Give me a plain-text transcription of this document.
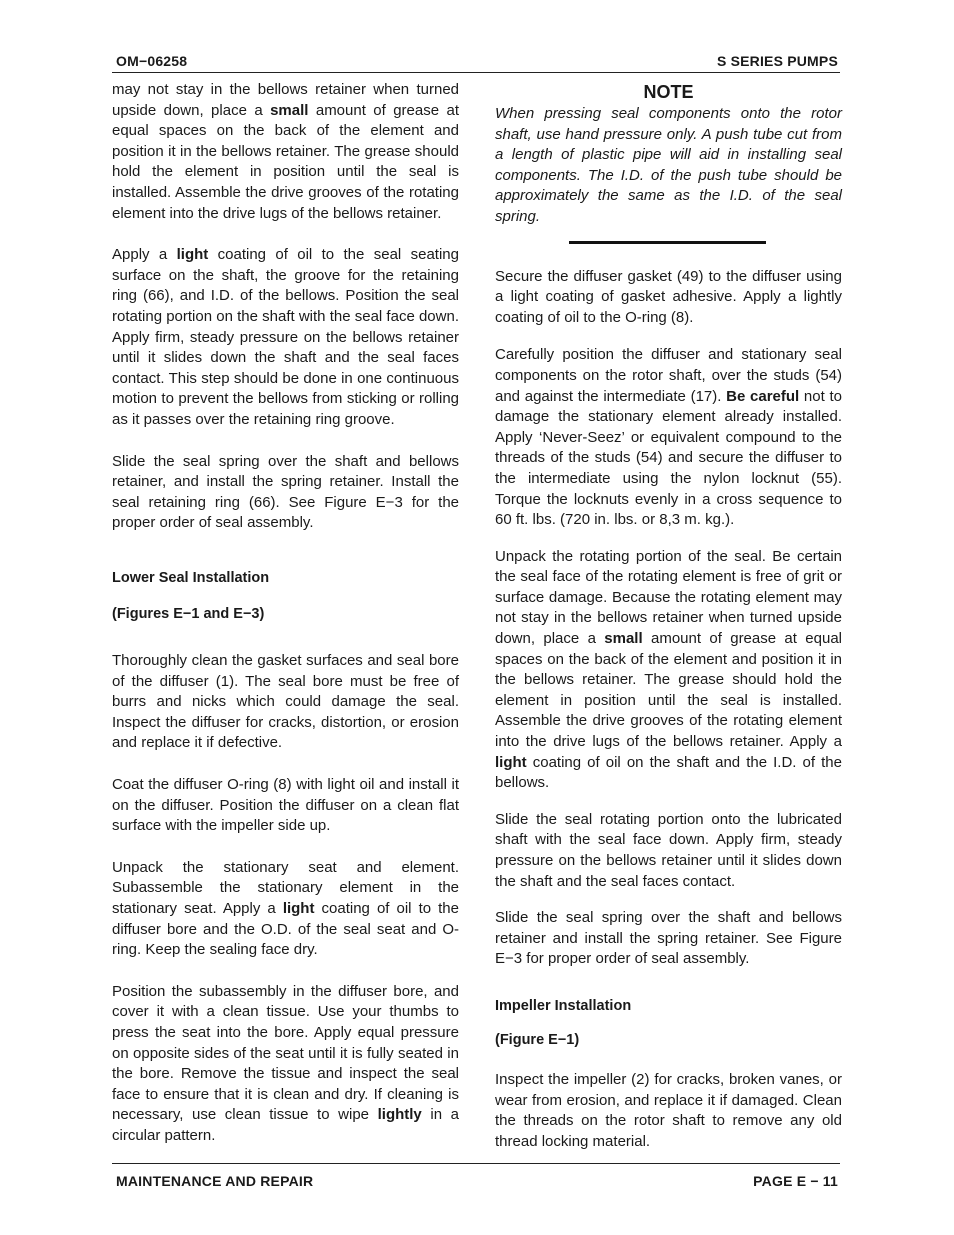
OM−06258	S SERIES PUMPS

may not stay in the bellows retainer when turned upside down, place a small amount of grease at equal spaces on the back of the element and position it in the bellows retainer. The grease should hold the element in position until the seal is installed. Assemble the drive grooves of the rotating element into the drive lugs of the bellows retainer.

Apply a light coating of oil to the seal seating surface on the shaft, the groove for the retaining ring (66), and I.D. of the bellows. Position the seal rotating portion on the shaft with the seal face down. Apply firm, steady pressure on the bellows retainer until it slides down the shaft and the seal faces contact. This step should be done in one continuous motion to prevent the bellows from sticking or rolling as it passes over the retaining ring groove.

Slide the seal spring over the shaft and bellows retainer, and install the spring retainer. Install the seal retaining ring (66). See Figure E−3 for the proper order of seal assembly.

Lower Seal Installation

(Figures E−1 and E−3)

Thoroughly clean the gasket surfaces and seal bore of the diffuser (1). The seal bore must be free of burrs and nicks which could damage the seal. Inspect the diffuser for cracks, distortion, or erosion and replace it if defective.

Coat the diffuser O-ring (8) with light oil and install it on the diffuser. Position the diffuser on a clean flat surface with the impeller side up.

Unpack the stationary seat and element. Subassemble the stationary element in the stationary seat. Apply a light coating of oil to the diffuser bore and the O.D. of the seal seat and O-ring. Keep the sealing face dry.

Position the subassembly in the diffuser bore, and cover it with a clean tissue. Use your thumbs to press the seat into the bore. Apply equal pressure on opposite sides of the seat until it is fully seated in the bore. Remove the tissue and inspect the seal face to ensure that it is clean and dry. If cleaning is necessary, use clean tissue to wipe lightly in a circular pattern.

NOTE

When pressing seal components onto the rotor shaft, use hand pressure only. A push tube cut from a length of plastic pipe will aid in installing seal components. The I.D. of the push tube should be approximately the same as the I.D. of the seal spring.

Secure the diffuser gasket (49) to the diffuser using a light coating of gasket adhesive. Apply a lightly coating of oil to the O-ring (8).

Carefully position the diffuser and stationary seal components on the rotor shaft, over the studs (54) and against the intermediate (17). Be careful not to damage the stationary element already installed. Apply ‘Never-Seez’ or equivalent compound to the threads of the studs (54) and secure the diffuser to the intermediate using the nylon locknut (55). Torque the locknuts evenly in a cross sequence to 60 ft. lbs. (720 in. lbs. or 8,3 m. kg.).

Unpack the rotating portion of the seal. Be certain the seal face of the rotating element is free of grit or surface damage. Because the rotating element may not stay in the bellows retainer when turned upside down, place a small amount of grease at equal spaces on the back of the element and position it in the bellows retainer. The grease should hold the element in position until the seal is installed. Assemble the drive grooves of the rotating element into the drive lugs of the bellows retainer. Apply a light coating of oil on the shaft and the I.D. of the bellows.

Slide the seal rotating portion onto the lubricated shaft with the seal face down. Apply firm, steady pressure on the bellows retainer until it slides down the shaft and the seal faces contact.

Slide the seal spring over the shaft and bellows retainer and install the spring retainer. See Figure E−3 for proper order of seal assembly.

Impeller Installation

(Figure E−1)

Inspect the impeller (2) for cracks, broken vanes, or wear from erosion, and replace it if damaged. Clean the threads on the rotor shaft to remove any old thread locking material.

MAINTENANCE AND REPAIR	PAGE E − 11
